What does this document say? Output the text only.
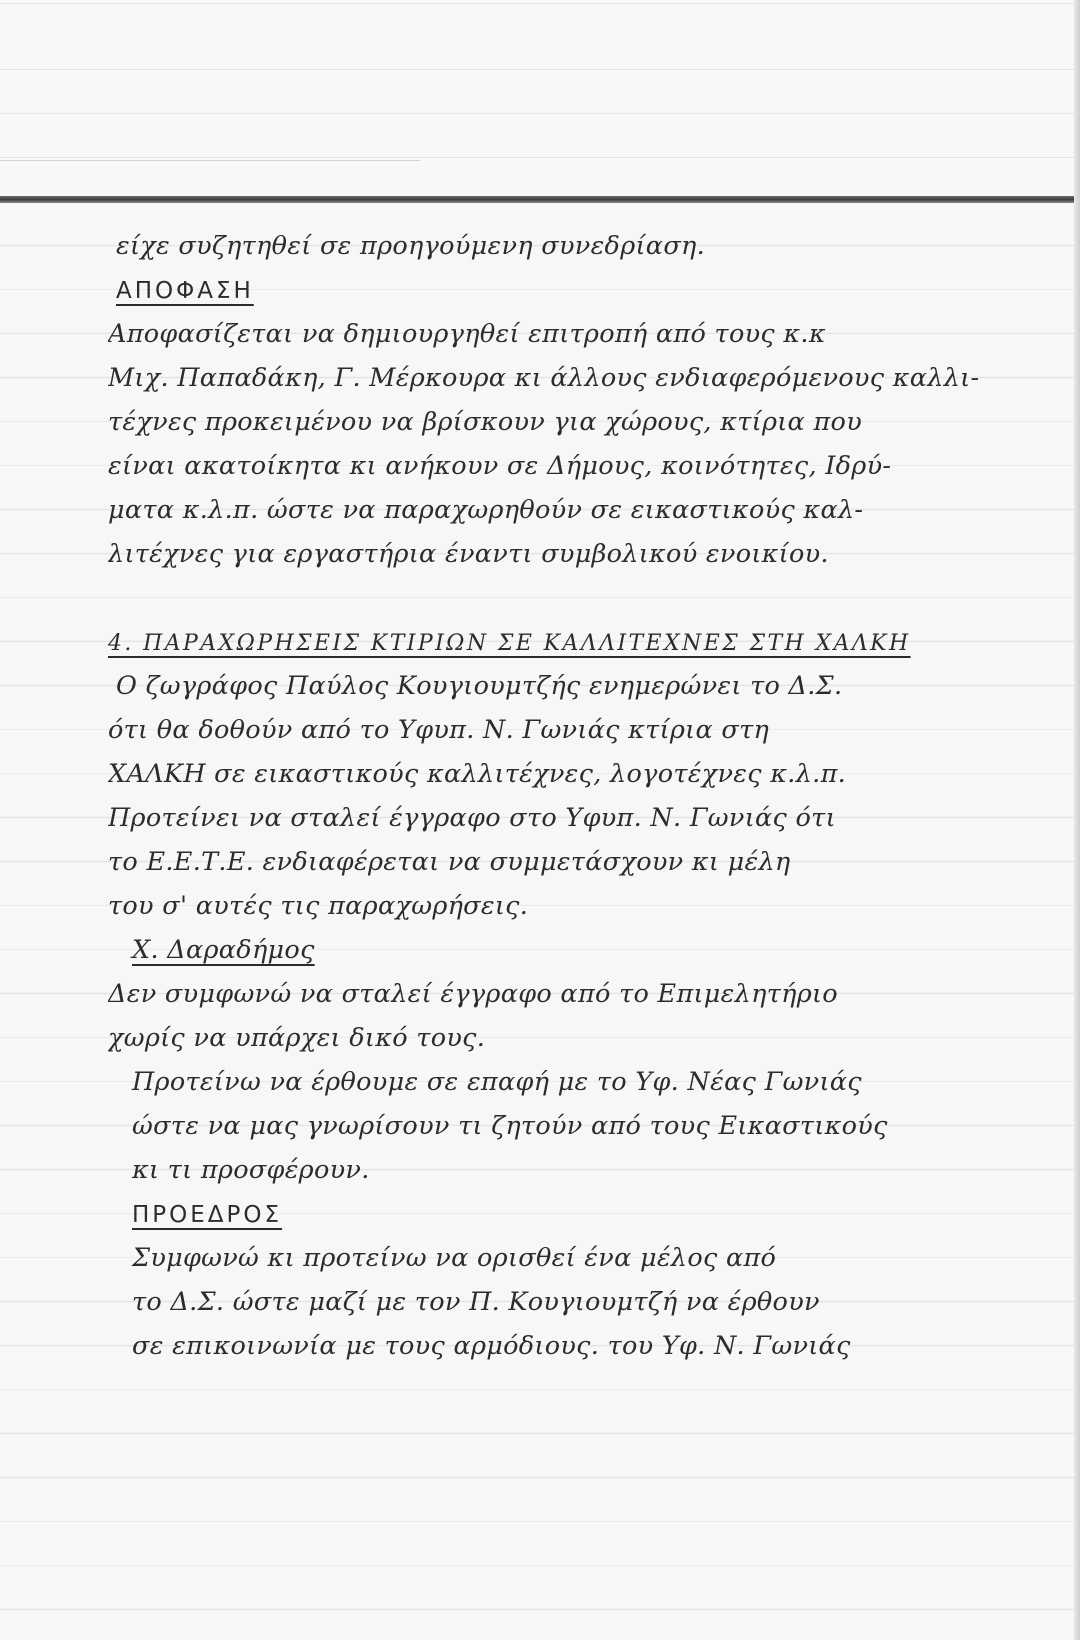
είχε συζητηθεί σε προηγούμενη συνεδρίαση.
ΑΠΟΦΑΣΗ
Αποφασίζεται να δημιουργηθεί επιτροπή από τους κ.κ
Μιχ. Παπαδάκη, Γ. Μέρκουρα κι άλλους ενδιαφερόμενους καλλι-
τέχνες προκειμένου να βρίσκουν για χώρους, κτίρια που
είναι ακατοίκητα κι ανήκουν σε Δήμους, κοινότητες, Ιδρύ-
ματα κ.λ.π. ώστε να παραχωρηθούν σε εικαστικούς καλ-
λιτέχνες για εργαστήρια έναντι συμβολικού ενοικίου.
4. ΠΑΡΑΧΩΡΗΣΕΙΣ ΚΤΙΡΙΩΝ ΣΕ ΚΑΛΛΙΤΕΧΝΕΣ ΣΤΗ ΧΑΛΚΗ
Ο ζωγράφος Παύλος Κουγιουμτζής ενημερώνει το Δ.Σ.
ότι θα δοθούν από το Υφυπ. Ν. Γωνιάς κτίρια στη
ΧΑΛΚΗ σε εικαστικούς καλλιτέχνες, λογοτέχνες κ.λ.π.
Προτείνει να σταλεί έγγραφο στο Υφυπ. Ν. Γωνιάς ότι
το Ε.Ε.Τ.Ε. ενδιαφέρεται να συμμετάσχουν κι μέλη
του σ' αυτές τις παραχωρήσεις.
Χ. Δαραδήμος
Δεν συμφωνώ να σταλεί έγγραφο από το Επιμελητήριο
χωρίς να υπάρχει δικό τους.
Προτείνω να έρθουμε σε επαφή με το Υφ. Νέας Γωνιάς
ώστε να μας γνωρίσουν τι ζητούν από τους Εικαστικούς
κι τι προσφέρουν.
ΠΡΟΕΔΡΟΣ
Συμφωνώ κι προτείνω να ορισθεί ένα μέλος από
το Δ.Σ. ώστε μαζί με τον Π. Κουγιουμτζή να έρθουν
σε επικοινωνία με τους αρμόδιους. του Υφ. Ν. Γωνιάς
